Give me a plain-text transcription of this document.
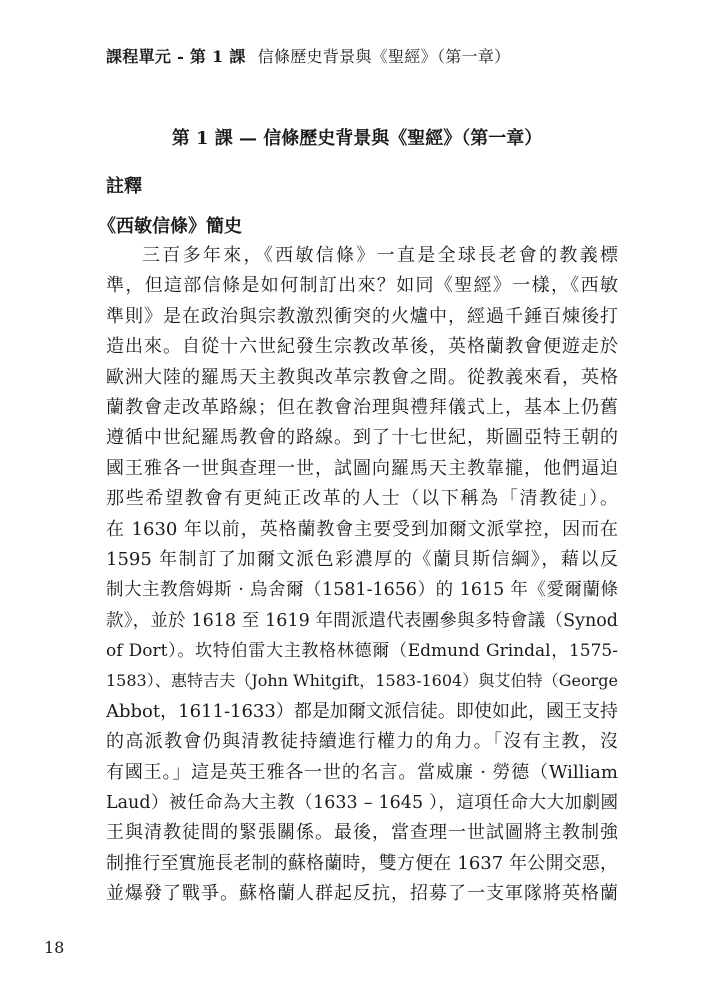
課程單元 - 第 1 課 信條歷史背景與《聖經》（第一章）
第 1 課 — 信條歷史背景與《聖經》（第一章）
註釋
《西敏信條》簡史
三百多年來，《西敏信條》一直是全球長老會的教義標
準，但這部信條是如何制訂出來？如同《聖經》一樣，《西敏
準則》是在政治與宗教激烈衝突的火爐中，經過千錘百煉後打
造出來。自從十六世紀發生宗教改革後，英格蘭教會便遊走於
歐洲大陸的羅馬天主教與改革宗教會之間。從教義來看，英格
蘭教會走改革路線；但在教會治理與禮拜儀式上，基本上仍舊
遵循中世紀羅馬教會的路線。到了十七世紀，斯圖亞特王朝的
國王雅各一世與查理一世，試圖向羅馬天主教靠攏，他們逼迫
那些希望教會有更純正改革的人士（以下稱為「清教徒」）。
在 1630 年以前，英格蘭教會主要受到加爾文派掌控，因而在
1595 年制訂了加爾文派色彩濃厚的《蘭貝斯信綱》，藉以反
制大主教詹姆斯 · 烏舍爾（1581-1656）的 1615 年《愛爾蘭條
款》，並於 1618 至 1619 年間派遣代表團參與多特會議（Synod
of Dort）。坎特伯雷大主教格林德爾（Edmund Grindal，1575-
1583）、惠特吉夫（John Whitgift，1583-1604）與艾伯特（George
Abbot，1611-1633）都是加爾文派信徒。即使如此，國王支持
的高派教會仍與清教徒持續進行權力的角力。「沒有主教，沒
有國王。」這是英王雅各一世的名言。當威廉 · 勞德（William
Laud）被任命為大主教（1633 – 1645 ），這項任命大大加劇國
王與清教徒間的緊張關係。最後，當查理一世試圖將主教制強
制推行至實施長老制的蘇格蘭時，雙方便在 1637 年公開交惡，
並爆發了戰爭。蘇格蘭人群起反抗，招募了一支軍隊將英格蘭
18
